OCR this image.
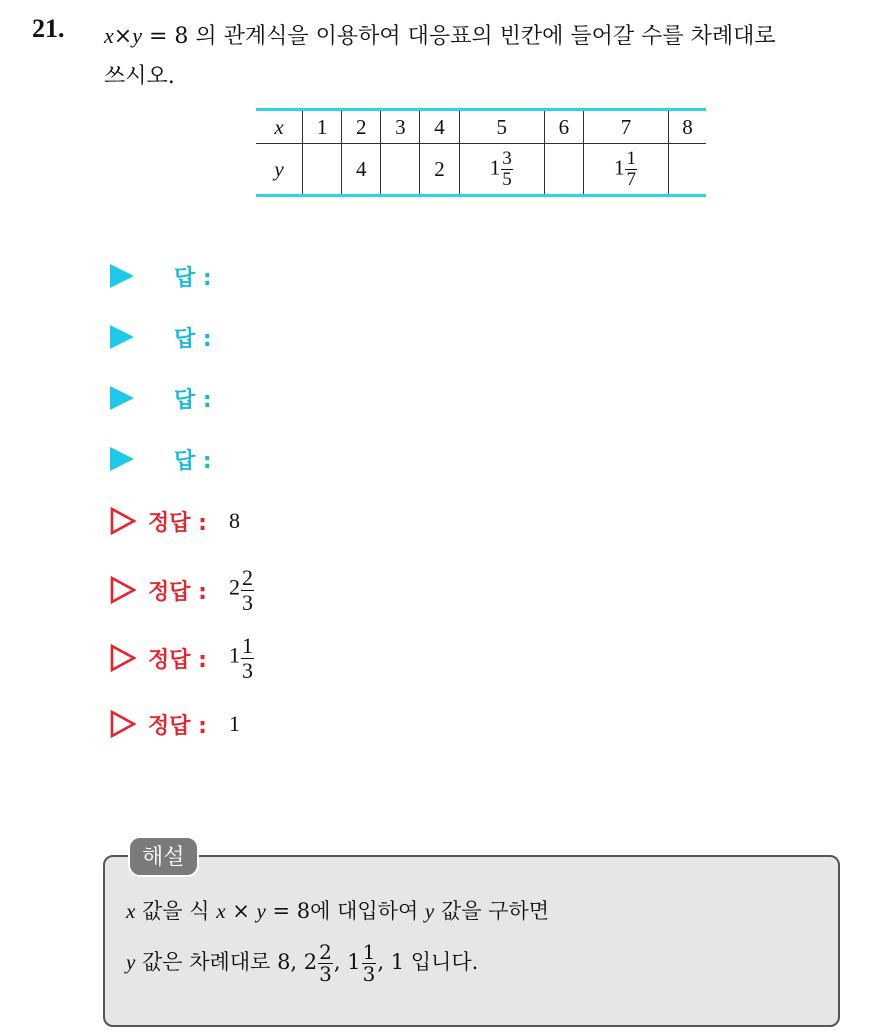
21. x×y = 8 의 관계식을 이용하여 대응표의 빈칸에 들어갈 수를 차례대로
쓰시오.
x	1	2	3	4	5	6	7	8
y		4		2	$1 \frac{3}{5}$		$1 \frac{1}{7}$

답 :
답 :
답 :
답 :
정답 : 8
정답 : $2 \frac{2}{3}$
정답 : $1 \frac{1}{3}$
정답 : 1
해설
x 값을 식 x × y = 8에 대입하여 y 값을 구하면
y 값은 차례대로 8, $2 \frac{2}{3}$ , $1 \frac{1}{3}$ , 1 입니다.
